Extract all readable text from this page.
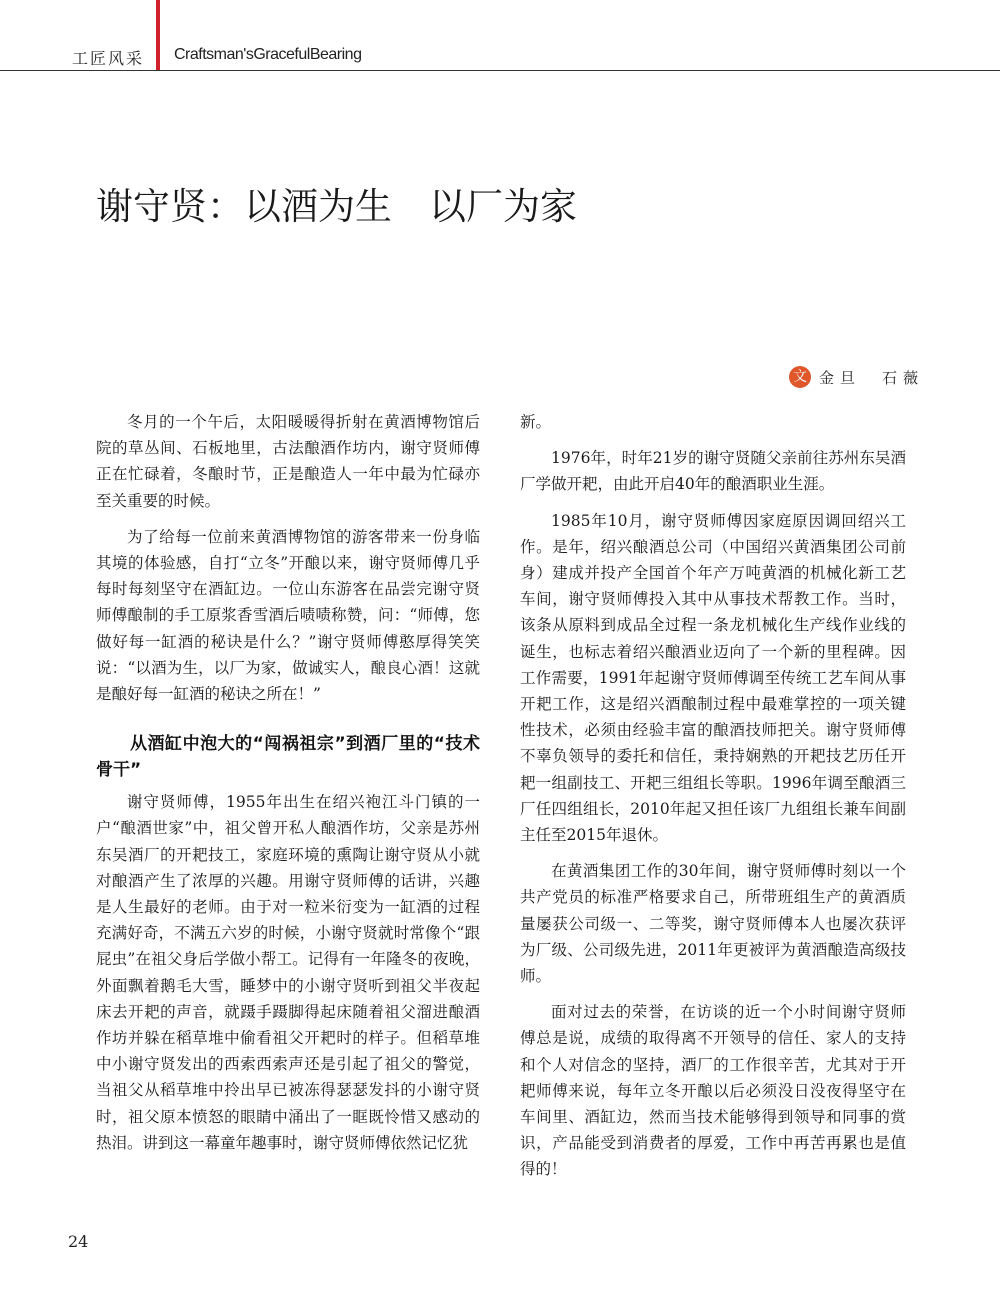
工匠风采 Craftsman'sGracefulBearing
谢守贤：以酒为生　以厂为家
文 金旦　石薇

冬月的一个午后，太阳暖暖得折射在黄酒博物馆后院的草丛间、石板地里，古法酿酒作坊内，谢守贤师傅正在忙碌着，冬酿时节，正是酿造人一年中最为忙碌亦至关重要的时候。

为了给每一位前来黄酒博物馆的游客带来一份身临其境的体验感，自打“立冬”开酿以来，谢守贤师傅几乎每时每刻坚守在酒缸边。一位山东游客在品尝完谢守贤师傅酿制的手工原浆香雪酒后啧啧称赞，问：“师傅，您做好每一缸酒的秘诀是什么？”谢守贤师傅憨厚得笑笑说：“以酒为生，以厂为家，做诚实人，酿良心酒！这就是酿好每一缸酒的秘诀之所在！”

从酒缸中泡大的“闯祸祖宗”到酒厂里的“技术骨干”

谢守贤师傅，1955年出生在绍兴袍江斗门镇的一户“酿酒世家”中，祖父曾开私人酿酒作坊，父亲是苏州东吴酒厂的开耙技工，家庭环境的熏陶让谢守贤从小就对酿酒产生了浓厚的兴趣。用谢守贤师傅的话讲，兴趣是人生最好的老师。由于对一粒米衍变为一缸酒的过程充满好奇，不满五六岁的时候，小谢守贤就时常像个“跟屁虫”在祖父身后学做小帮工。记得有一年隆冬的夜晚，外面飘着鹅毛大雪，睡梦中的小谢守贤听到祖父半夜起床去开耙的声音，就蹑手蹑脚得起床随着祖父溜进酿酒作坊并躲在稻草堆中偷看祖父开耙时的样子。但稻草堆中小谢守贤发出的西索西索声还是引起了祖父的警觉，当祖父从稻草堆中拎出早已被冻得瑟瑟发抖的小谢守贤时，祖父原本愤怒的眼睛中涌出了一眶既怜惜又感动的热泪。讲到这一幕童年趣事时，谢守贤师傅依然记忆犹

新。

1976年，时年21岁的谢守贤随父亲前往苏州东吴酒厂学做开耙，由此开启40年的酿酒职业生涯。

1985年10月，谢守贤师傅因家庭原因调回绍兴工作。是年，绍兴酿酒总公司（中国绍兴黄酒集团公司前身）建成并投产全国首个年产万吨黄酒的机械化新工艺车间，谢守贤师傅投入其中从事技术帮教工作。当时，该条从原料到成品全过程一条龙机械化生产线作业线的诞生，也标志着绍兴酿酒业迈向了一个新的里程碑。因工作需要，1991年起谢守贤师傅调至传统工艺车间从事开耙工作，这是绍兴酒酿制过程中最难掌控的一项关键性技术，必须由经验丰富的酿酒技师把关。谢守贤师傅不辜负领导的委托和信任，秉持娴熟的开耙技艺历任开耙一组副技工、开耙三组组长等职。1996年调至酿酒三厂任四组组长，2010年起又担任该厂九组组长兼车间副主任至2015年退休。

在黄酒集团工作的30年间，谢守贤师傅时刻以一个共产党员的标准严格要求自己，所带班组生产的黄酒质量屡获公司级一、二等奖，谢守贤师傅本人也屡次获评为厂级、公司级先进，2011年更被评为黄酒酿造高级技师。

面对过去的荣誉，在访谈的近一个小时间谢守贤师傅总是说，成绩的取得离不开领导的信任、家人的支持和个人对信念的坚持，酒厂的工作很辛苦，尤其对于开耙师傅来说，每年立冬开酿以后必须没日没夜得坚守在车间里、酒缸边，然而当技术能够得到领导和同事的赏识，产品能受到消费者的厚爱，工作中再苦再累也是值得的！

24
